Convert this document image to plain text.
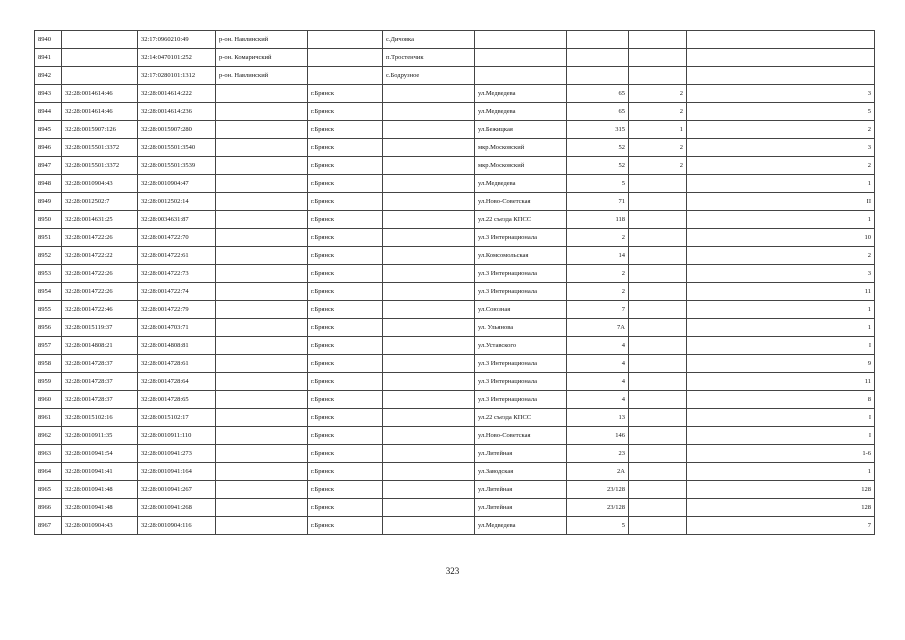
8940		32:17:0960210:49	р-он. Навлинский		с.Дичовка				
8941		32:14:0470101:252	р-он. Комаричский		п.Тростенчик				
8942		32:17:0280101:1312	р-он. Навлинский		с.Бодрузное				
8943	32:28:0014614:46	32:28:0014614:222		г.Брянск		ул.Медведева	65	2	3
8944	32:28:0014614:46	32:28:0014614:236		г.Брянск		ул.Медведева	65	2	5
8945	32:28:0015907:126	32:28:0015907:280		г.Брянск		ул.Бежицкая	315	1	2
8946	32:28:0015501:3372	32:28:0015501:3540		г.Брянск		мкр.Московский	52	2	3
8947	32:28:0015501:3372	32:28:0015501:3539		г.Брянск		мкр.Московский	52	2	2
8948	32:28:0010904:43	32:28:0010904:47		г.Брянск		ул.Медведева	5		1
8949	32:28:0012502:7	32:28:0012502:14		г.Брянск		ул.Ново-Советская	71		II
8950	32:28:0014631:25	32:28:0034631:87		г.Брянск		ул.22 съезда КПСС	118		1
8951	32:28:0014722:26	32:28:0014722:70		г.Брянск		ул.3 Интернационала	2		10
8952	32:28:0014722:22	32:28:0014722:61		г.Брянск		ул.Комсомольская	14		2
8953	32:28:0014722:26	32:28:0014722:73		г.Брянск		ул.3 Интернационала	2		3
8954	32:28:0014722:26	32:28:0014722:74		г.Брянск		ул.3 Интернационала	2		11
8955	32:28:0014722:46	32:28:0014722:79		г.Брянск		ул.Союзная	7		1
8956	32:28:0015119:37	32:28:0014703:71		г.Брянск		ул. Ульянова	7А		1
8957	32:28:0014808:21	32:28:0014808:81		г.Брянск		ул.Уставского	4		I
8958	32:28:0014728:37	32:28:0014728:61		г.Брянск		ул.3 Интернационала	4		9
8959	32:28:0014728:37	32:28:0014728:64		г.Брянск		ул.3 Интернационала	4		11
8960	32:28:0014728:37	32:28:0014728:65		г.Брянск		ул.3 Интернационала	4		8
8961	32:28:0015102:16	32:28:0015102:17		г.Брянск		ул.22 съезда КПСС	13		I
8962	32:28:0010911:35	32:28:0010911:110		г.Брянск		ул.Ново-Советская	146		I
8963	32:28:0010941:54	32:28:0010941:273		г.Брянск		ул.Литейная	23		1-6
8964	32:28:0010941:41	32:28:0010941:164		г.Брянск		ул.Заводская	2А		1
8965	32:28:0010941:48	32:28:0010941:267		г.Брянск		ул.Литейная	23/128		128
8966	32:28:0010941:48	32:28:0010941:268		г.Брянск		ул.Литейная	23/128		128
8967	32:28:0010904:43	32:28:0010904:116		г.Брянск		ул.Медведева	5		7
323
